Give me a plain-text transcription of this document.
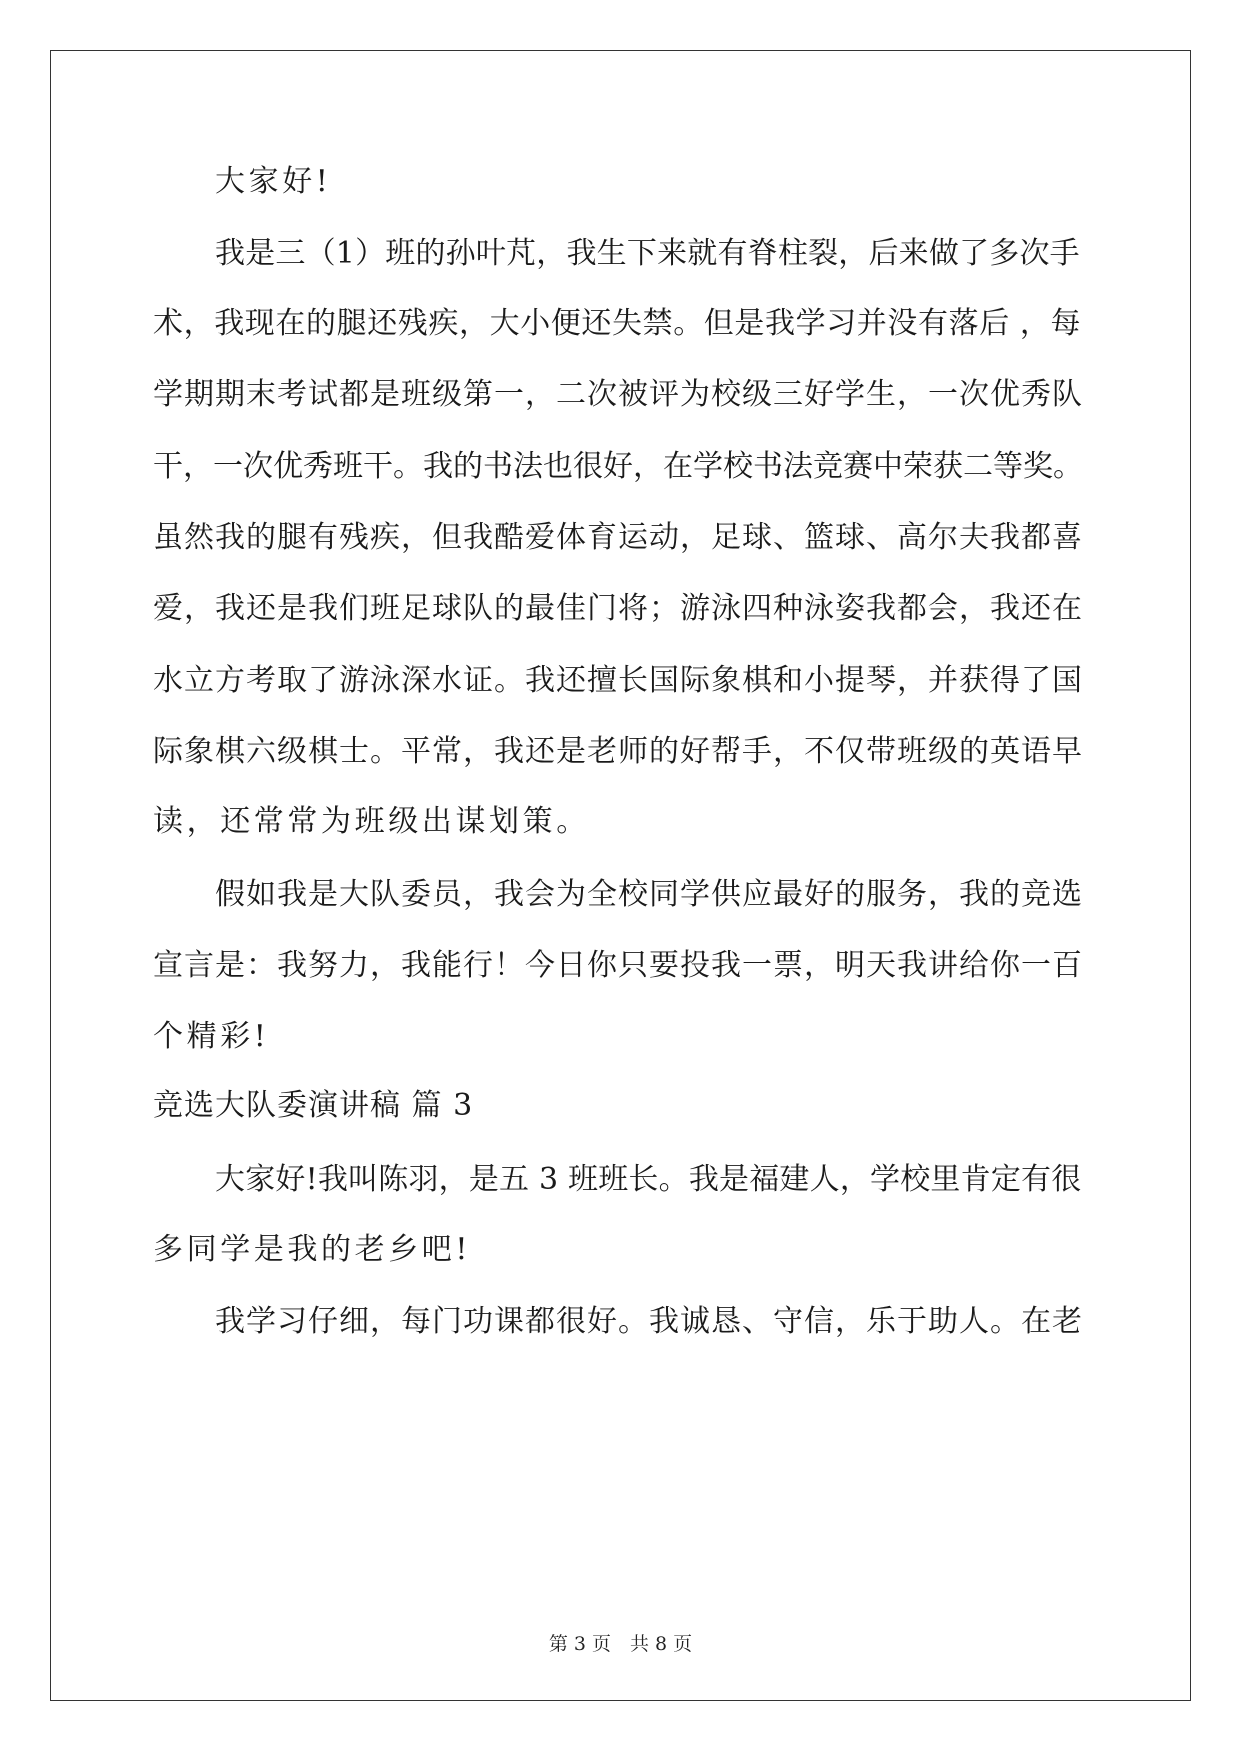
大家好!
我是三（1）班的孙叶芃，我生下来就有脊柱裂，后来做了多次手
术，我现在的腿还残疾，大小便还失禁。但是我学习并没有落后 ，每
学期期末考试都是班级第一，二次被评为校级三好学生，一次优秀队
干，一次优秀班干。我的书法也很好，在学校书法竞赛中荣获二等奖。
虽然我的腿有残疾，但我酷爱体育运动，足球、篮球、高尔夫我都喜
爱，我还是我们班足球队的最佳门将；游泳四种泳姿我都会，我还在
水立方考取了游泳深水证。我还擅长国际象棋和小提琴，并获得了国
际象棋六级棋士。平常，我还是老师的好帮手，不仅带班级的英语早
读，还常常为班级出谋划策。
假如我是大队委员，我会为全校同学供应最好的服务，我的竞选
宣言是：我努力，我能行！今日你只要投我一票，明天我讲给你一百
个精彩!
竞选大队委演讲稿 篇 3
大家好!我叫陈羽，是五 3 班班长。我是福建人，学校里肯定有很
多同学是我的老乡吧!
我学习仔细，每门功课都很好。我诚恳、守信，乐于助人。在老
第 3 页　共 8 页
